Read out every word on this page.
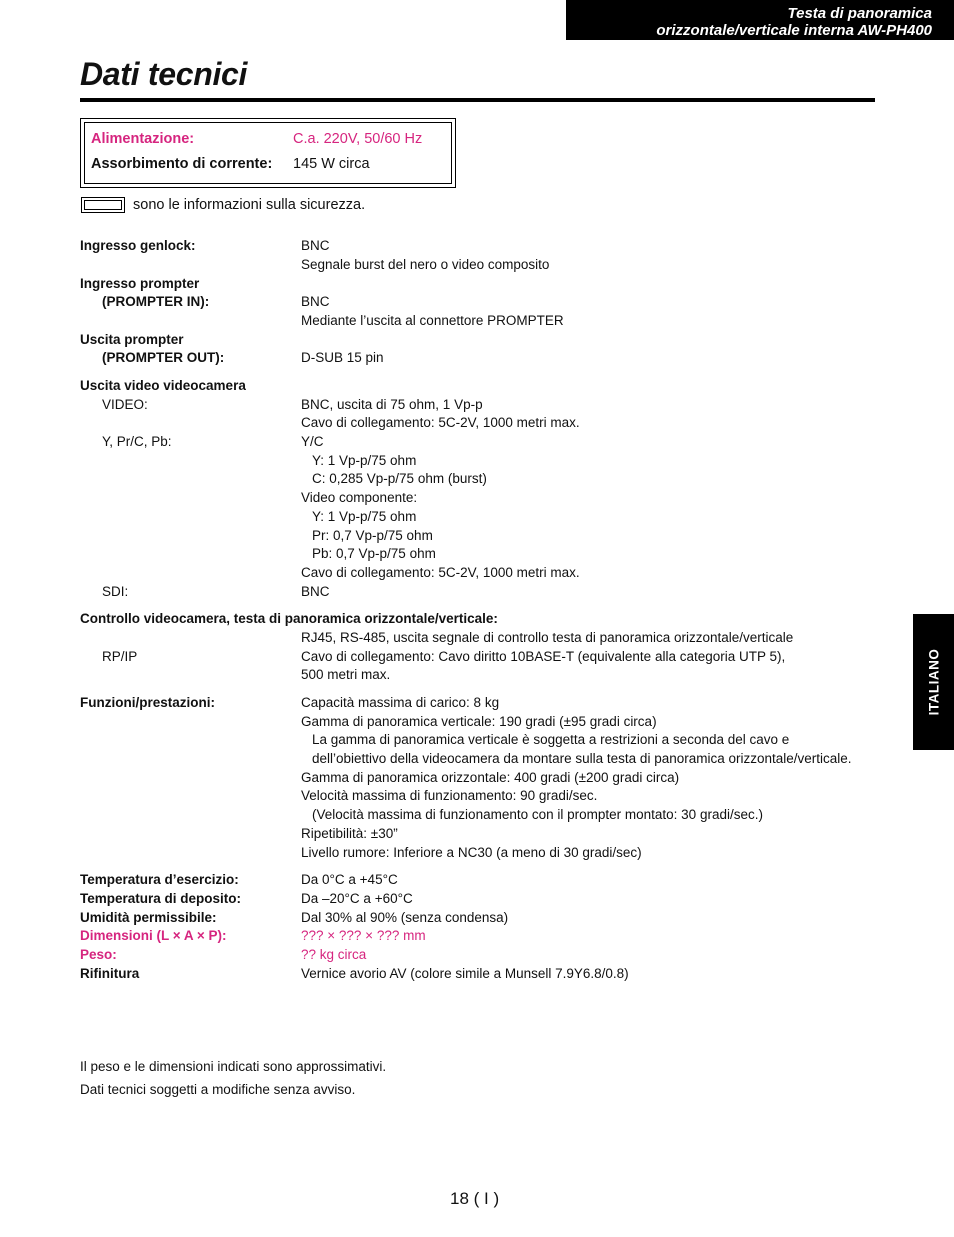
Testa di panoramica
orizzontale/verticale interna AW-PH400
Dati tecnici
Alimentazione:	C.a. 220V, 50/60 Hz
Assorbimento di corrente: 145 W circa
sono le informazioni sulla sicurezza.
Ingresso genlock:	BNC
Segnale burst del nero o video composito
Ingresso prompter
(PROMPTER IN):	BNC
Mediante l’uscita al connettore PROMPTER
Uscita prompter
(PROMPTER OUT):	D-SUB 15 pin
Uscita video videocamera
VIDEO:	BNC, uscita di 75 ohm, 1 Vp-p
Cavo di collegamento: 5C-2V, 1000 metri max.
Y, Pr/C, Pb:	Y/C
Y: 1 Vp-p/75 ohm
C: 0,285 Vp-p/75 ohm (burst)
Video componente:
Y: 1 Vp-p/75 ohm
Pr: 0,7 Vp-p/75 ohm
Pb: 0,7 Vp-p/75 ohm
Cavo di collegamento: 5C-2V, 1000 metri max.
SDI:	BNC
Controllo videocamera, testa di panoramica orizzontale/verticale:
RJ45, RS-485, uscita segnale di controllo testa di panoramica orizzontale/verticale
RP/IP	Cavo di collegamento: Cavo diritto 10BASE-T (equivalente alla categoria UTP 5),
500 metri max.
Funzioni/prestazioni:	Capacità massima di carico: 8 kg
Gamma di panoramica verticale: 190 gradi (±95 gradi circa)
La gamma di panoramica verticale è soggetta a restrizioni a seconda del cavo e
dell’obiettivo della videocamera da montare sulla testa di panoramica orizzontale/verticale.
Gamma di panoramica orizzontale: 400 gradi (±200 gradi circa)
Velocità massima di funzionamento: 90 gradi/sec.
(Velocità massima di funzionamento con il prompter montato: 30 gradi/sec.)
Ripetibilità: ±30”
Livello rumore: Inferiore a NC30 (a meno di 30 gradi/sec)
Temperatura d’esercizio:	Da 0°C a +45°C
Temperatura di deposito:	Da –20°C a +60°C
Umidità permissibile:	Dal 30% al 90% (senza condensa)
Dimensioni (L × A × P):	??? × ??? × ??? mm
Peso:	?? kg circa
Rifinitura	Vernice avorio AV (colore simile a Munsell 7.9Y6.8/0.8)
Il peso e le dimensioni indicati sono approssimativi.
Dati tecnici soggetti a modifiche senza avviso.
18 ( I )
ITALIANO
